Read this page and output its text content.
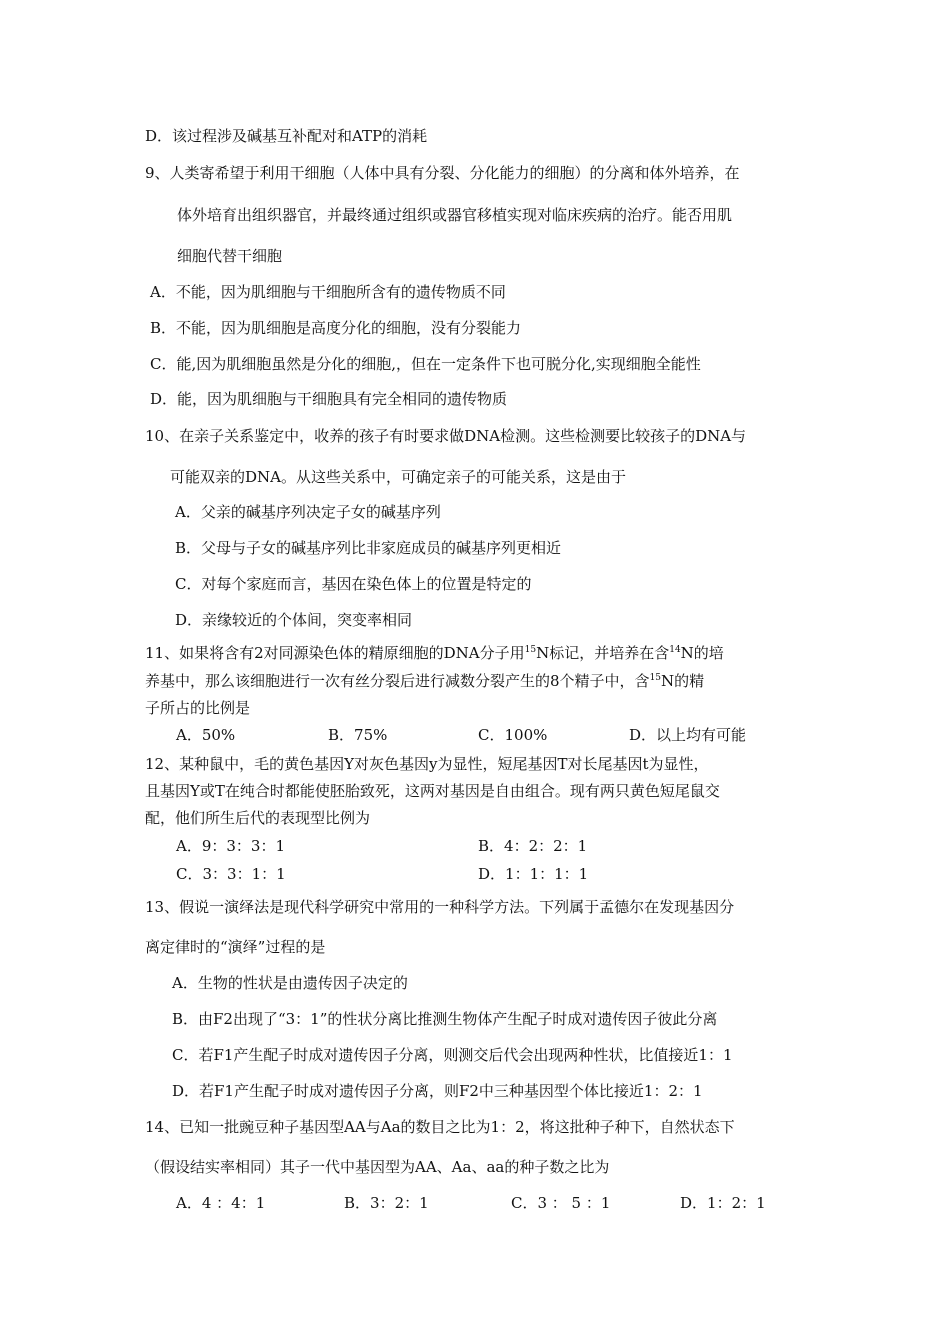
D．该过程涉及碱基互补配对和ATP的消耗
9、人类寄希望于利用干细胞（人体中具有分裂、分化能力的细胞）的分离和体外培养，在
体外培育出组织器官，并最终通过组织或器官移植实现对临床疾病的治疗。能否用肌
细胞代替干细胞
A．不能，因为肌细胞与干细胞所含有的遗传物质不同
B．不能，因为肌细胞是高度分化的细胞，没有分裂能力
C．能,因为肌细胞虽然是分化的细胞,，但在一定条件下也可脱分化,实现细胞全能性
D．能，因为肌细胞与干细胞具有完全相同的遗传物质
10、在亲子关系鉴定中，收养的孩子有时要求做DNA检测。这些检测要比较孩子的DNA与
可能双亲的DNA。从这些关系中，可确定亲子的可能关系，这是由于
A．父亲的碱基序列决定子女的碱基序列
B．父母与子女的碱基序列比非家庭成员的碱基序列更相近
C．对每个家庭而言，基因在染色体上的位置是特定的
D．亲缘较近的个体间，突变率相同
11、如果将含有2对同源染色体的精原细胞的DNA分子用$^{15}$N标记，并培养在含$^{14}$N的培
养基中，那么该细胞进行一次有丝分裂后进行减数分裂产生的8个精子中，含$^{15}$N的精
子所占的比例是
A．50%	B．75%	C．100%	D．以上均有可能
12、某种鼠中，毛的黄色基因Y对灰色基因y为显性，短尾基因T对长尾基因t为显性，
且基因Y或T在纯合时都能使胚胎致死，这两对基因是自由组合。现有两只黄色短尾鼠交
配，他们所生后代的表现型比例为
A．9：3：3：1	B．4：2：2：1
C．3：3：1：1	D．1：1：1：1
13、假说一演绎法是现代科学研究中常用的一种科学方法。下列属于孟德尔在发现基因分
离定律时的“演绎”过程的是
A．生物的性状是由遗传因子决定的
B．由F2出现了“3：1”的性状分离比推测生物体产生配子时成对遗传因子彼此分离
C．若F1产生配子时成对遗传因子分离，则测交后代会出现两种性状，比值接近1：1
D．若F1产生配子时成对遗传因子分离，则F2中三种基因型个体比接近1：2：1
14、已知一批豌豆种子基因型AA与Aa的数目之比为1：2，将这批种子种下，自然状态下
（假设结实率相同）其子一代中基因型为AA、Aa、aa的种子数之比为
A．4 ：4：1	B．3：2：1	C．3 ： 5 ：1	D．1：2：1
